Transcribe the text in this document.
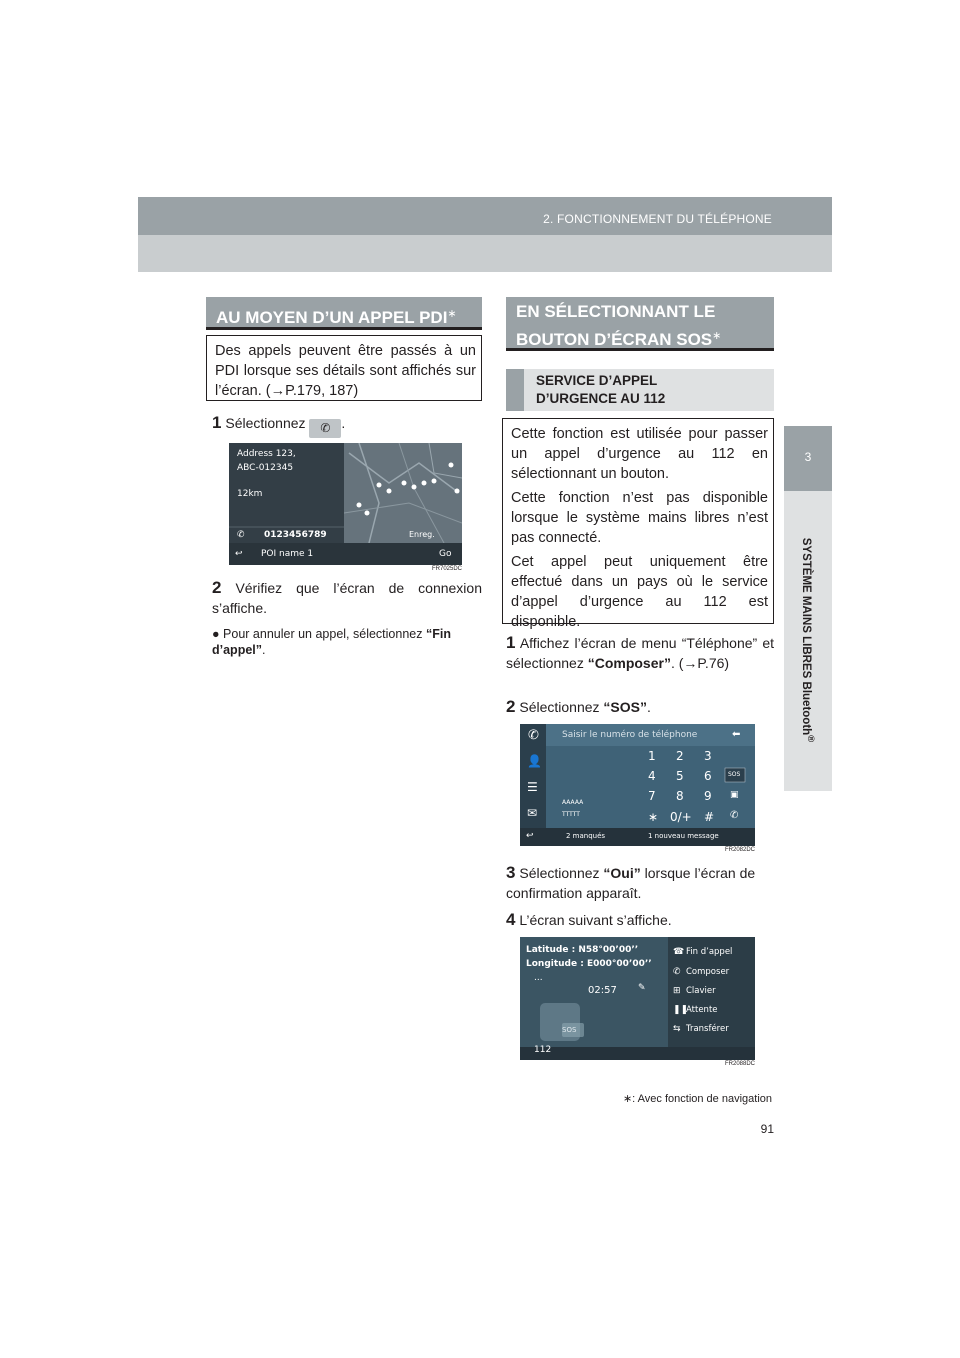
2. FONCTIONNEMENT DU TÉLÉPHONE
3
SYSTÈME MAINS LIBRES Bluetooth®
AU MOYEN D’UN APPEL PDI∗
Des appels peuvent être passés à un PDI lorsque ses détails sont affichés sur l’écran. (→P.179, 187)
1 Sélectionnez ✆ .
Address 123,
ABC-012345
12km
✆ 0123456789	Enreg.
↩ POI name 1	Go
FR7025DC
2 Vérifiez que l’écran de connexion s’affiche.
● Pour annuler un appel, sélectionnez “Fin d’appel”.
EN SÉLECTIONNANT LE
BOUTON D’ÉCRAN SOS∗
SERVICE D’APPEL
D’URGENCE AU 112

Cette fonction est utilisée pour passer un appel d’urgence au 112 en sélectionnant un bouton.

Cette fonction n’est pas disponible lorsque le système mains libres n’est pas connecté.

Cet appel peut uniquement être effectué dans un pays où le service d’appel d’urgence au 112 est disponible.

1 Affichez l’écran de menu “Téléphone” et sélectionnez “Composer”. (→P.76)
2 Sélectionnez “SOS”.
✆
👤
☰
✉
Saisir le numéro de téléphone	⬅
1 2 3
4 5 6	SOS
7 8 9 ▣
∗ 0/+ # ✆
AAAAA
TTTTT
↩	2 manqués	1 nouveau message
FR2082DC
3 Sélectionnez “Oui” lorsque l’écran de confirmation apparaît.
4 L’écran suivant s’affiche.
Latitude : N58°00’00’’
Longitude : E000°00’00’’
...
02:57 ✎
SOS
112
☎ Fin d’appel
✆ Composer
⊞ Clavier
❚❚
Attente
⇆ Transférer
FR2088DC
∗: Avec fonction de navigation
91
